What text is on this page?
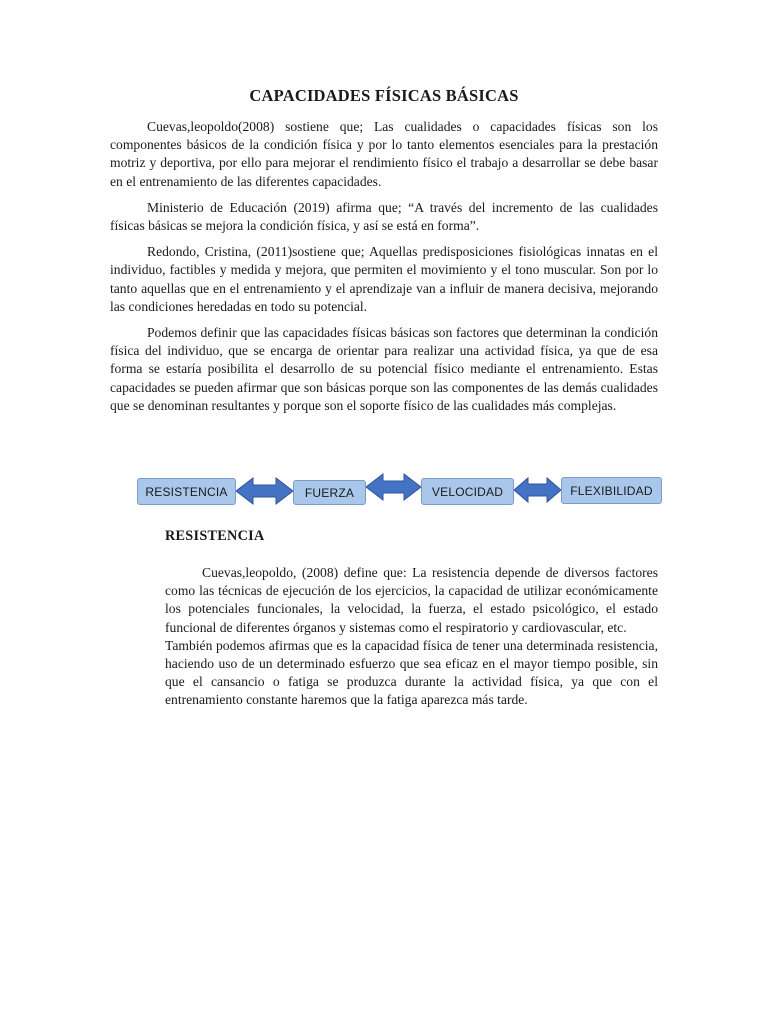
CAPACIDADES FÍSICAS BÁSICAS

Cuevas,leopoldo(2008) sostiene que; Las cualidades o capacidades físicas son los componentes básicos de la condición física y por lo tanto elementos esenciales para la prestación motriz y deportiva, por ello para mejorar el rendimiento físico el trabajo a desarrollar se debe basar en el entrenamiento de las diferentes capacidades.

Ministerio de Educación (2019) afirma que; “A través del incremento de las cualidades físicas básicas se mejora la condición física, y así se está en forma”.

Redondo, Cristina, (2011)sostiene que; Aquellas predisposiciones fisiológicas innatas en el individuo, factibles y medida y mejora, que permiten el movimiento y el tono muscular. Son por lo tanto aquellas que en el entrenamiento y el aprendizaje van a influir de manera decisiva, mejorando las condiciones heredadas en todo su potencial.

Podemos definir que las capacidades físicas básicas son factores que determinan la condición física del individuo, que se encarga de orientar para realizar una actividad física, ya que de esa forma se estaría posibilita el desarrollo de su potencial físico mediante el entrenamiento. Estas capacidades se pueden afirmar que son básicas porque son las componentes de las demás cualidades que se denominan resultantes y porque son el soporte físico de las cualidades más complejas.

RESISTENCIA	FUERZA	VELOCIDAD	FLEXIBILIDAD
RESISTENCIA

Cuevas,leopoldo, (2008) define que: La resistencia depende de diversos factores como las técnicas de ejecución de los ejercicios, la capacidad de utilizar económicamente los potenciales funcionales, la velocidad, la fuerza, el estado psicológico, el estado funcional de diferentes órganos y sistemas como el respiratorio y cardiovascular, etc.

También podemos afirmas que es la capacidad física de tener una determinada resistencia, haciendo uso de un determinado esfuerzo que sea eficaz en el mayor tiempo posible, sin que el cansancio o fatiga se produzca durante la actividad física, ya que con el entrenamiento constante haremos que la fatiga aparezca más tarde.
